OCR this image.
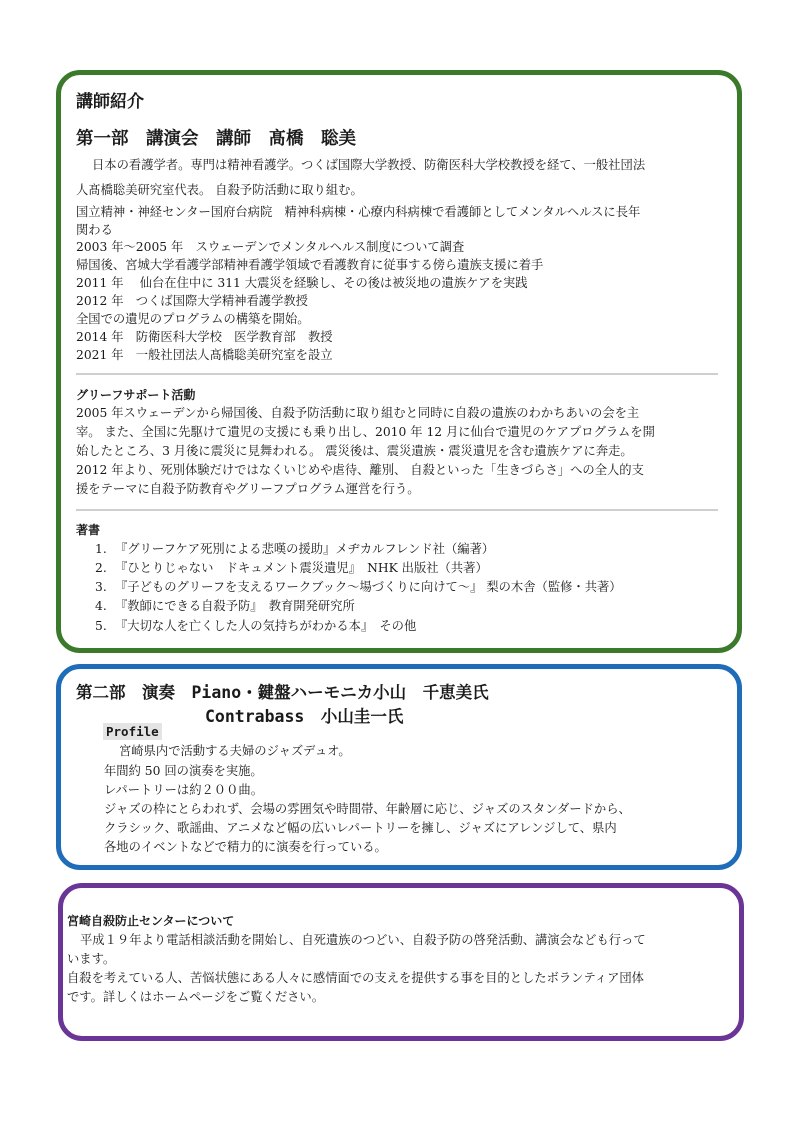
講師紹介
第一部　講演会　講師　髙橋　聡美
日本の看護学者。専門は精神看護学。つくば国際大学教授、防衛医科大学校教授を経て、一般社団法
人髙橋聡美研究室代表。 自殺予防活動に取り組む。
国立精神・神経センター国府台病院　精神科病棟・心療内科病棟で看護師としてメンタルヘルスに長年
関わる
2003 年～2005 年　スウェーデンでメンタルヘルス制度について調査
帰国後、宮城大学看護学部精神看護学領域で看護教育に従事する傍ら遺族支援に着手
2011 年　 仙台在住中に 311 大震災を経験し、その後は被災地の遺族ケアを実践
2012 年　つくば国際大学精神看護学教授
全国での遺児のプログラムの構築を開始。
2014 年　防衛医科大学校　医学教育部　教授
2021 年　一般社団法人髙橋聡美研究室を設立
グリーフサポート活動
2005 年スウェーデンから帰国後、自殺予防活動に取り組むと同時に自殺の遺族のわかちあいの会を主
宰。 また、全国に先駆けて遺児の支援にも乗り出し、2010 年 12 月に仙台で遺児のケアプログラムを開
始したところ、3 月後に震災に見舞われる。 震災後は、震災遺族・震災遺児を含む遺族ケアに奔走。
2012 年より、死別体験だけではなくいじめや虐待、離別、 自殺といった「生きづらさ」への全人的支
援をテーマに自殺予防教育やグリーフプログラム運営を行う。
著書
1. 『グリーフケア死別による悲嘆の援助』メヂカルフレンド社（編著）
2. 『ひとりじゃない　ドキュメント震災遺児』　NHK 出版社（共著）
3. 『子どものグリーフを支えるワークブック～場づくりに向けて～』 梨の木舎（監修・共著）
4. 『教師にできる自殺予防』　教育開発研究所
5. 『大切な人を亡くした人の気持ちがわかる本』　その他
第二部　演奏　Piano・鍵盤ハーモニカ小山　千恵美氏
Contrabass　小山圭一氏
Profile
宮崎県内で活動する夫婦のジャズデュオ。
年間約 50 回の演奏を実施。
レパートリーは約２００曲。
ジャズの枠にとらわれず、会場の雰囲気や時間帯、年齢層に応じ、ジャズのスタンダードから、
クラシック、歌謡曲、アニメなど幅の広いレパートリーを擁し、ジャズにアレンジして、県内
各地のイベントなどで精力的に演奏を行っている。
宮崎自殺防止センターについて
平成１９年より電話相談活動を開始し、自死遺族のつどい、自殺予防の啓発活動、講演会なども行って
います。
自殺を考えている人、苦悩状態にある人々に感情面での支えを提供する事を目的としたボランティア団体
です。詳しくはホームページをご覧ください。
